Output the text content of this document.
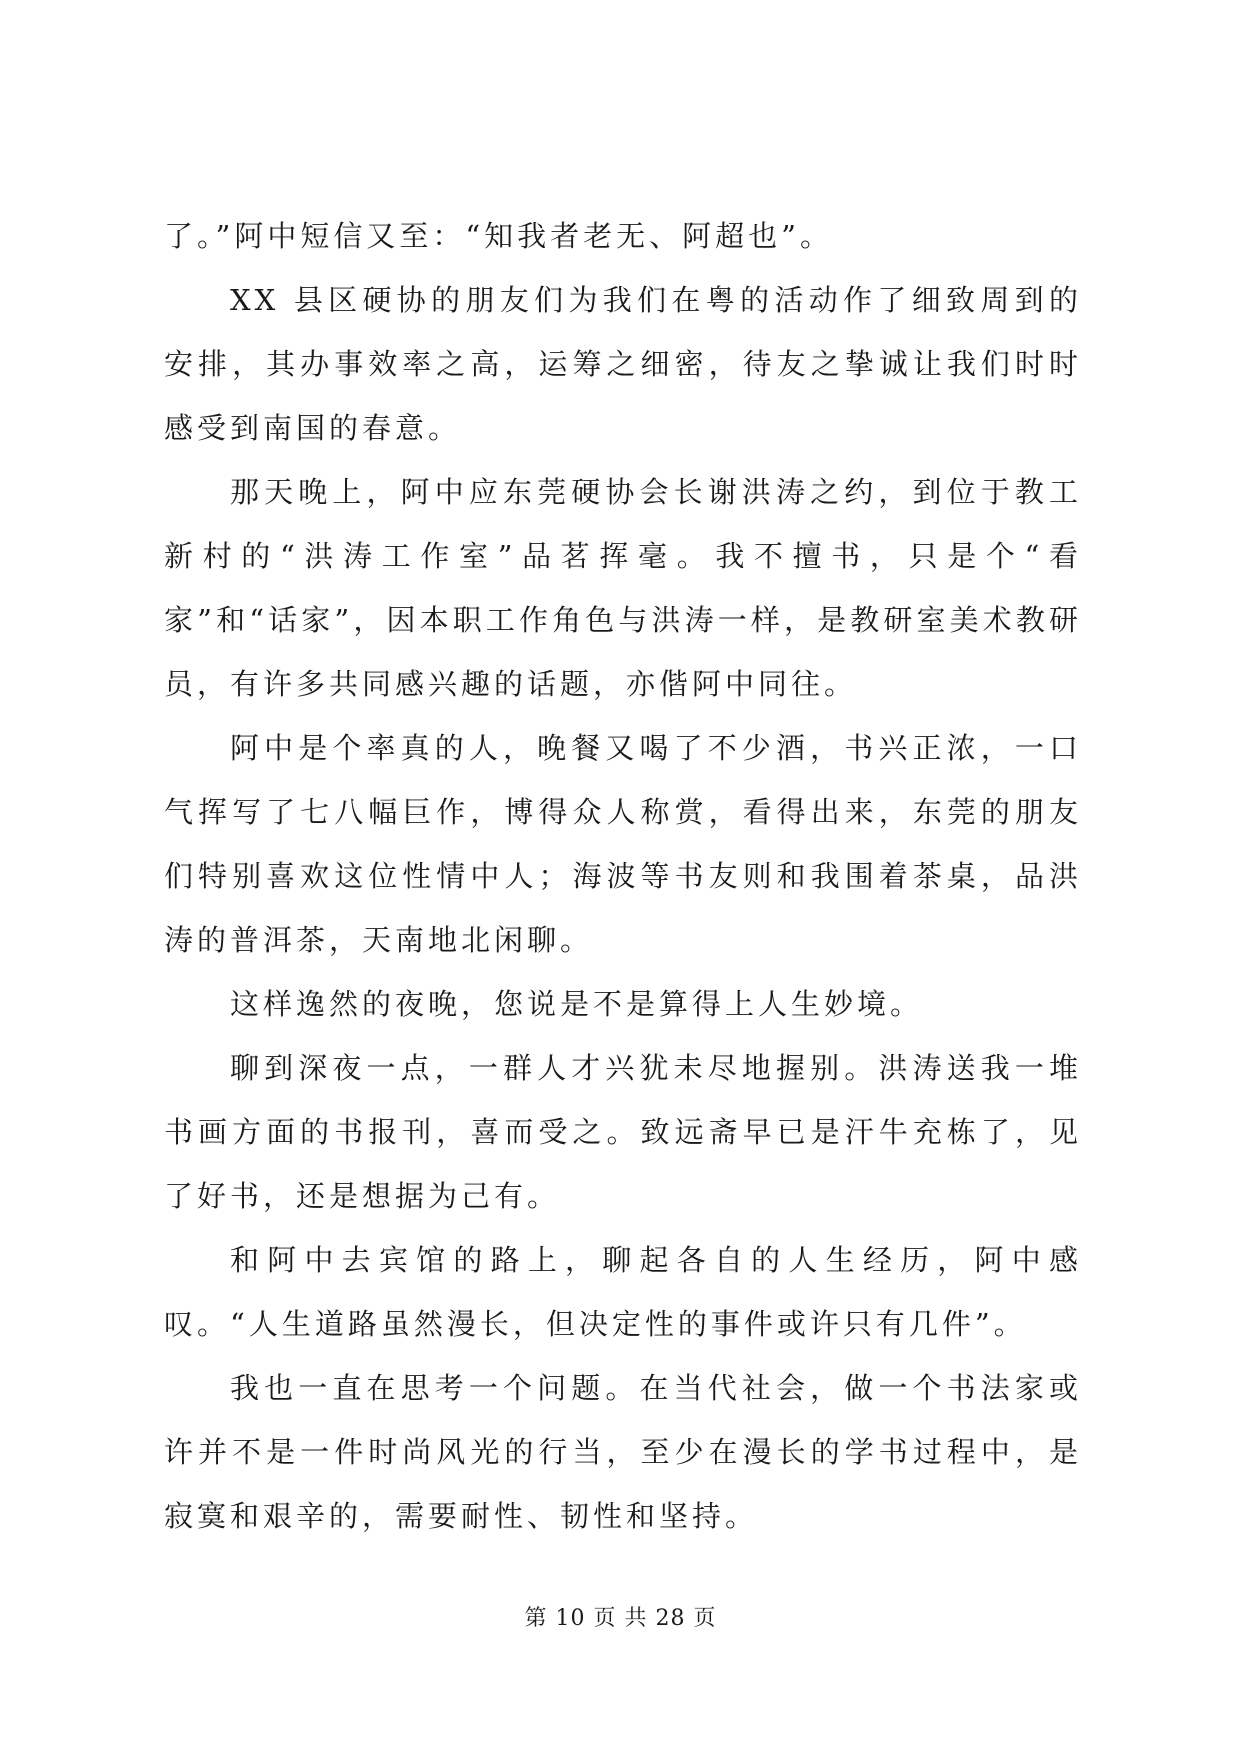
了。”阿中短信又至：“知我者老无、阿超也”。

XX 县区硬协的朋友们为我们在粤的活动作了细致周到的安排，其办事效率之高，运筹之细密，待友之挚诚让我们时时感受到南国的春意。

那天晚上，阿中应东莞硬协会长谢洪涛之约，到位于教工新村的“洪涛工作室”品茗挥毫。我不擅书，只是个“看家”和“话家”，因本职工作角色与洪涛一样，是教研室美术教研员，有许多共同感兴趣的话题，亦偕阿中同往。

阿中是个率真的人，晚餐又喝了不少酒，书兴正浓，一口气挥写了七八幅巨作，博得众人称赏，看得出来，东莞的朋友们特别喜欢这位性情中人；海波等书友则和我围着茶桌，品洪涛的普洱茶，天南地北闲聊。

这样逸然的夜晚，您说是不是算得上人生妙境。

聊到深夜一点，一群人才兴犹未尽地握别。洪涛送我一堆书画方面的书报刊，喜而受之。致远斋早已是汗牛充栋了，见了好书，还是想据为己有。

和阿中去宾馆的路上，聊起各自的人生经历，阿中感叹。“人生道路虽然漫长，但决定性的事件或许只有几件”。

我也一直在思考一个问题。在当代社会，做一个书法家或许并不是一件时尚风光的行当，至少在漫长的学书过程中，是寂寞和艰辛的，需要耐性、韧性和坚持。

第 10 页 共 28 页
